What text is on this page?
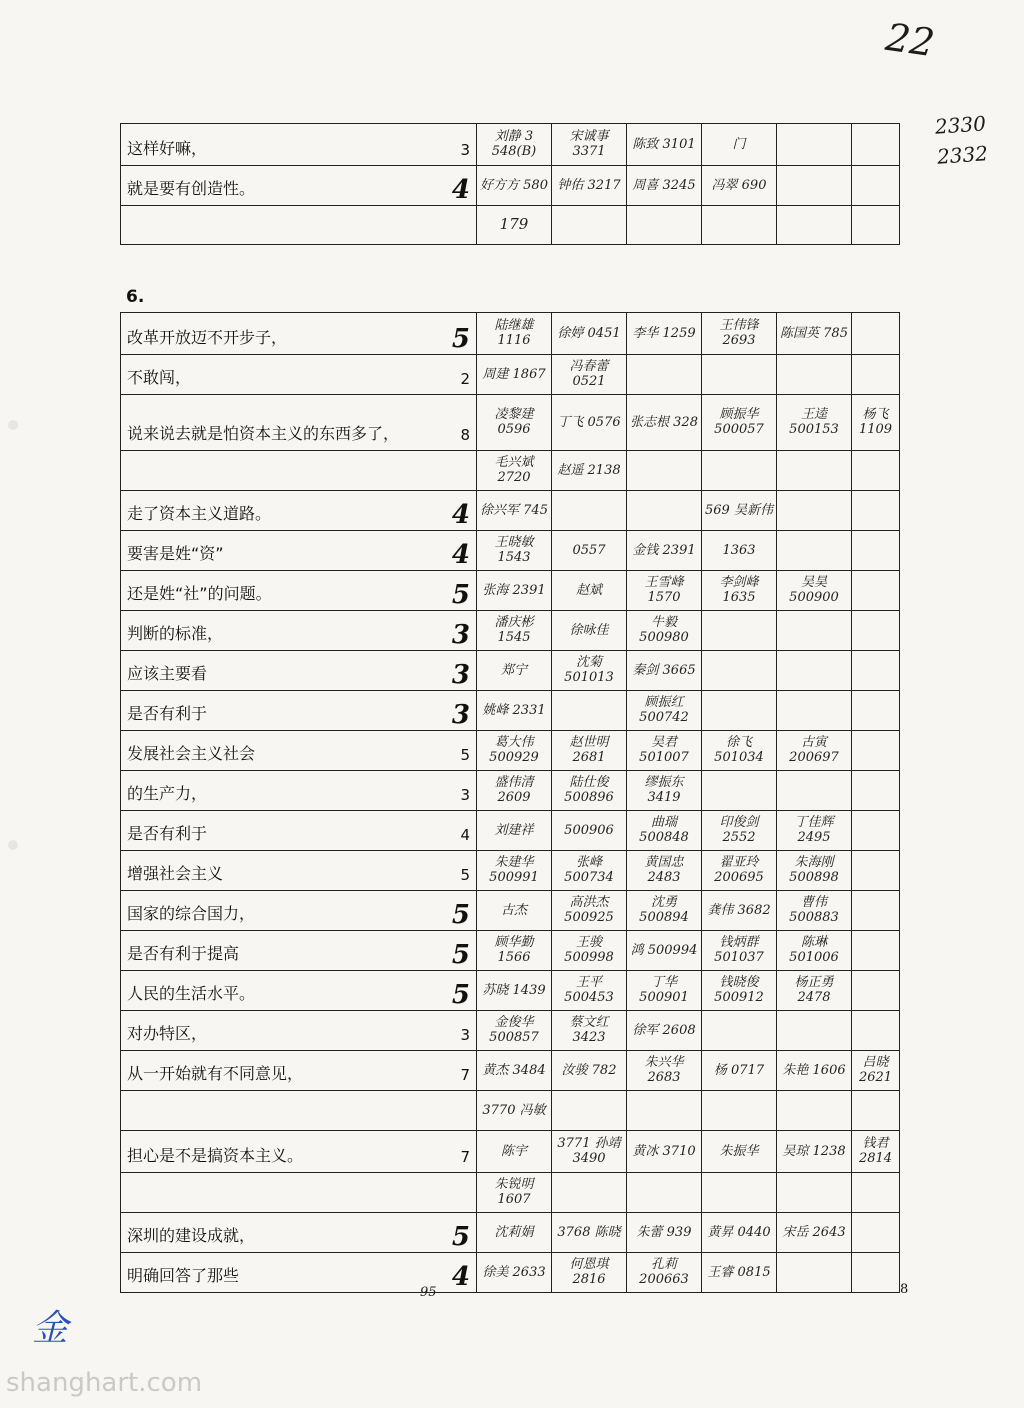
22
2330
2332
这样好嘛， 3	刘静 3 548(B)	宋诚事 3371	陈致 3101	门		
就是要有创造性。 4	好方方 580	钟佑 3217	周喜 3245	冯翠 690		
	179					
6.
改革开放迈不开步子， 5	陆继雄 1116	徐婷 0451	李华 1259	王伟锋 2693	陈国英 785	
不敢闯， 2	周建 1867	冯春蕾 0521				
说来说去就是怕资本主义的东西多了， 8	凌黎建 0596	丁飞 0576	张志根 328	顾振华 500057	王逵 500153	杨飞 1109
	毛兴斌 2720	赵遥 2138				
走了资本主义道路。 4	徐兴军 745			569 吴新伟		
要害是姓“资” 4	王晓敏 1543	0557	金钱 2391	1363		
还是姓“社”的问题。 5	张海 2391	赵斌	王雪峰 1570	李剑峰 1635	吴昊 500900	
判断的标准， 3	潘庆彬 1545	徐咏佳	牛毅 500980			
应该主要看 3	郑宁	沈菊 501013	秦剑 3665			
是否有利于 3	姚峰 2331		顾振红 500742			
发展社会主义社会 5	葛大伟 500929	赵世明 2681	吴君 501007	徐飞 501034	古寅 200697	
的生产力， 3	盛伟清 2609	陆仕俊 500896	缪振东 3419			
是否有利于 4	刘建祥	500906	曲瑞 500848	印俊剑 2552	丁佳辉 2495	
增强社会主义 5	朱建华 500991	张峰 500734	黄国忠 2483	翟亚玲 200695	朱海刚 500898	
国家的综合国力， 5	古杰	高洪杰 500925	沈勇 500894	龚伟 3682	曹伟 500883	
是否有利于提高 5	顾华勤 1566	王骏 500998	鸿 500994	钱炳群 501037	陈琳 501006	
人民的生活水平。 5	苏晓 1439	王平 500453	丁华 500901	钱晓俊 500912	杨正勇 2478	
对办特区， 3	金俊华 500857	蔡文红 3423	徐军 2608			
从一开始就有不同意见， 7	黄杰 3484	汝骏 782	朱兴华 2683	杨 0717	朱艳 1606	吕晓 2621
	3770 冯敏					
担心是不是搞资本主义。 7	陈宇	3771 孙靖 3490	黄冰 3710	朱振华	吴琼 1238	钱君 2814
	朱锐明 1607					
深圳的建设成就， 5	沈莉娟	3768 陈晓	朱蕾 939	黄昇 0440	宋岳 2643	
明确回答了那些 4	徐美 2633	何恩琪 2816	孔莉 200663	王睿 0815		
95	8
金
shanghart.com
